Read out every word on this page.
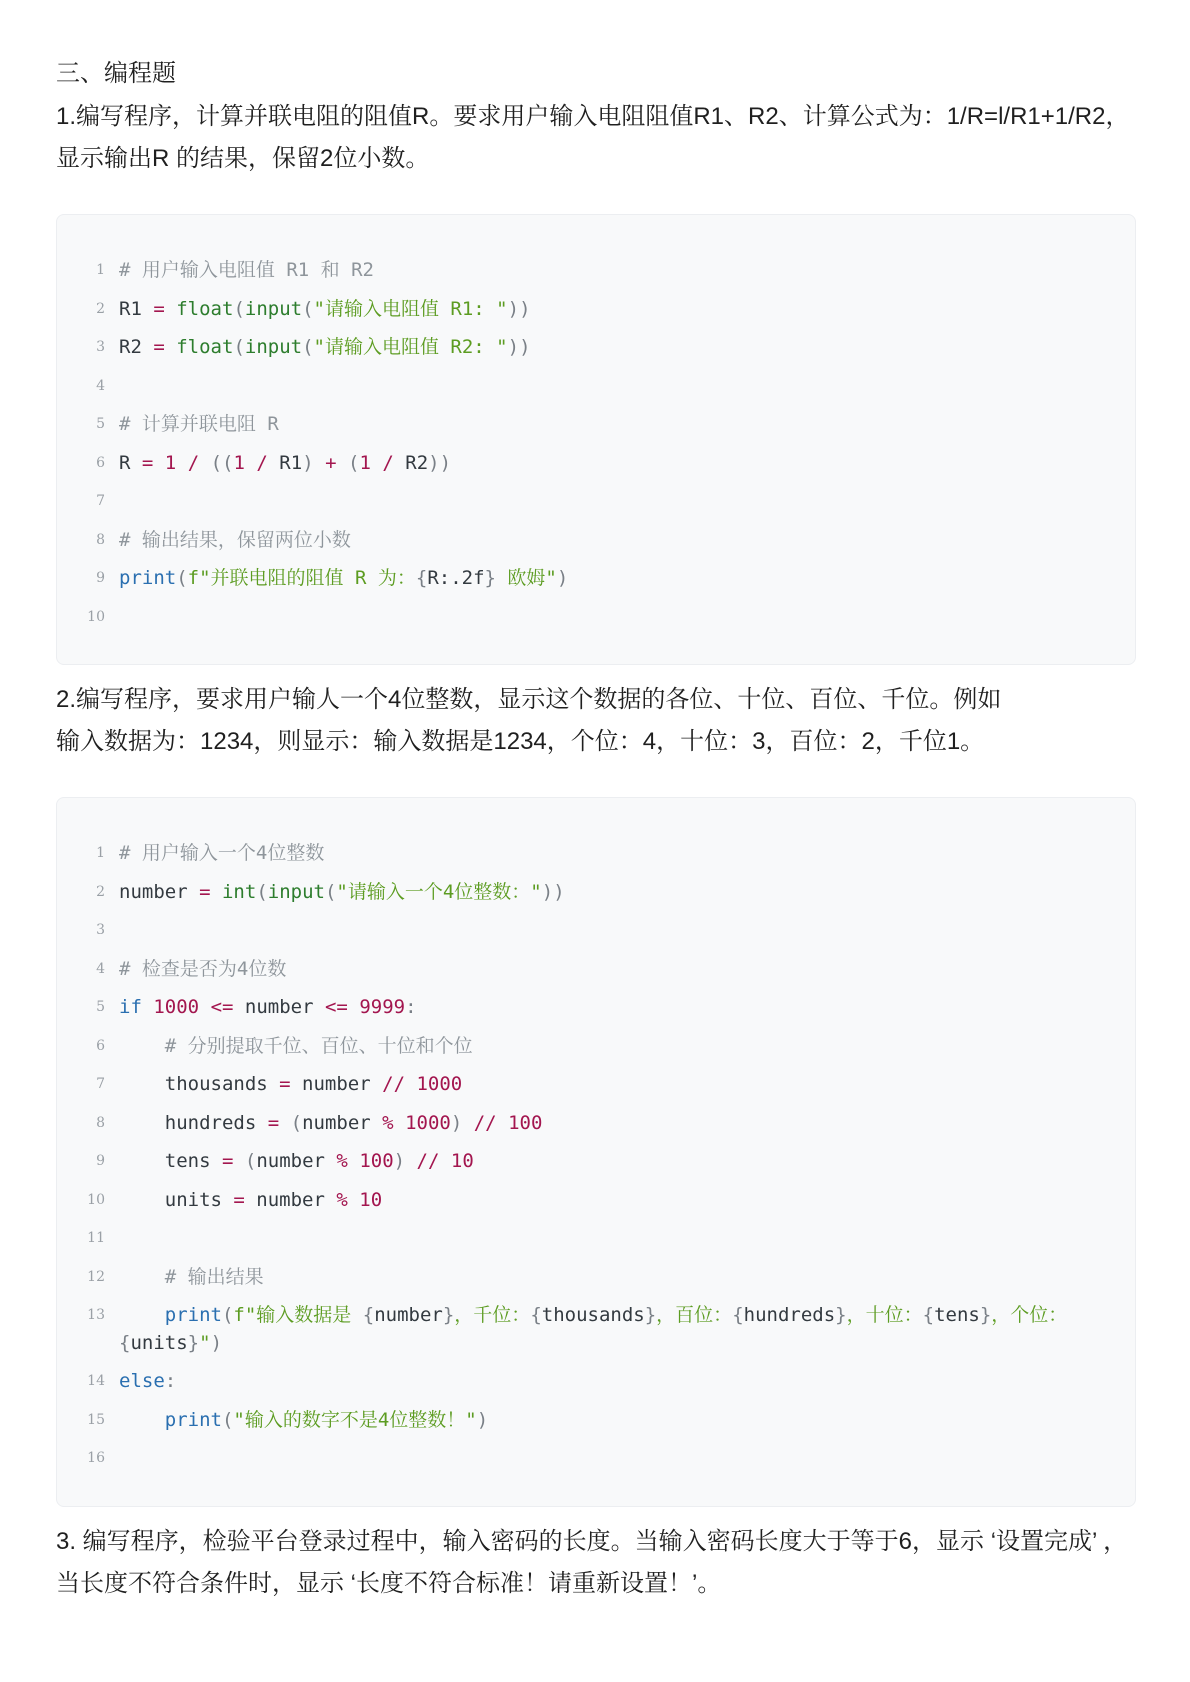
三、编程题

1.编写程序，计算并联电阻的阻值R。要求用户输入电阻阻值R1、R2、计算公式为：1/R=l/R1+1/R2，显示输出R 的结果，保留2位小数。

1 # 用户输入电阻值 R1 和 R2
2 R1 = float(input("请输入电阻值 R1: "))
3 R2 = float(input("请输入电阻值 R2: "))
4
5 # 计算并联电阻 R
6 R = 1 / ((1 / R1) + (1 / R2))
7
8 # 输出结果，保留两位小数
9 print(f"并联电阻的阻值 R 为：{R:.2f} 欧姆")
10

2.编写程序，要求用户输人一个4位整数，显示这个数据的各位、十位、百位、千位。例如

输入数据为：1234，则显示：输入数据是1234，个位：4，十位：3，百位：2，千位1。

1 # 用户输入一个4位整数
2 number = int(input("请输入一个4位整数："))
3
4 # 检查是否为4位数
5 if 1000 <= number <= 9999:
6	# 分别提取千位、百位、十位和个位
7 thousands = number // 1000
8 hundreds = (number % 1000) // 100
9 tens = (number % 100) // 10
10 units = number % 10
11
12	# 输出结果
13	print(f"输入数据是 {number}，千位：{thousands}，百位：{hundreds}，十位：{tens}，个位：
{units}")
14 else:
15	print("输入的数字不是4位整数！")
16

3. 编写程序，检验平台登录过程中，输入密码的长度。当输入密码长度大于等于6，显示 ‘设置完成’ ，当长度不符合条件时，显示 ‘长度不符合标准！请重新设置！’。
